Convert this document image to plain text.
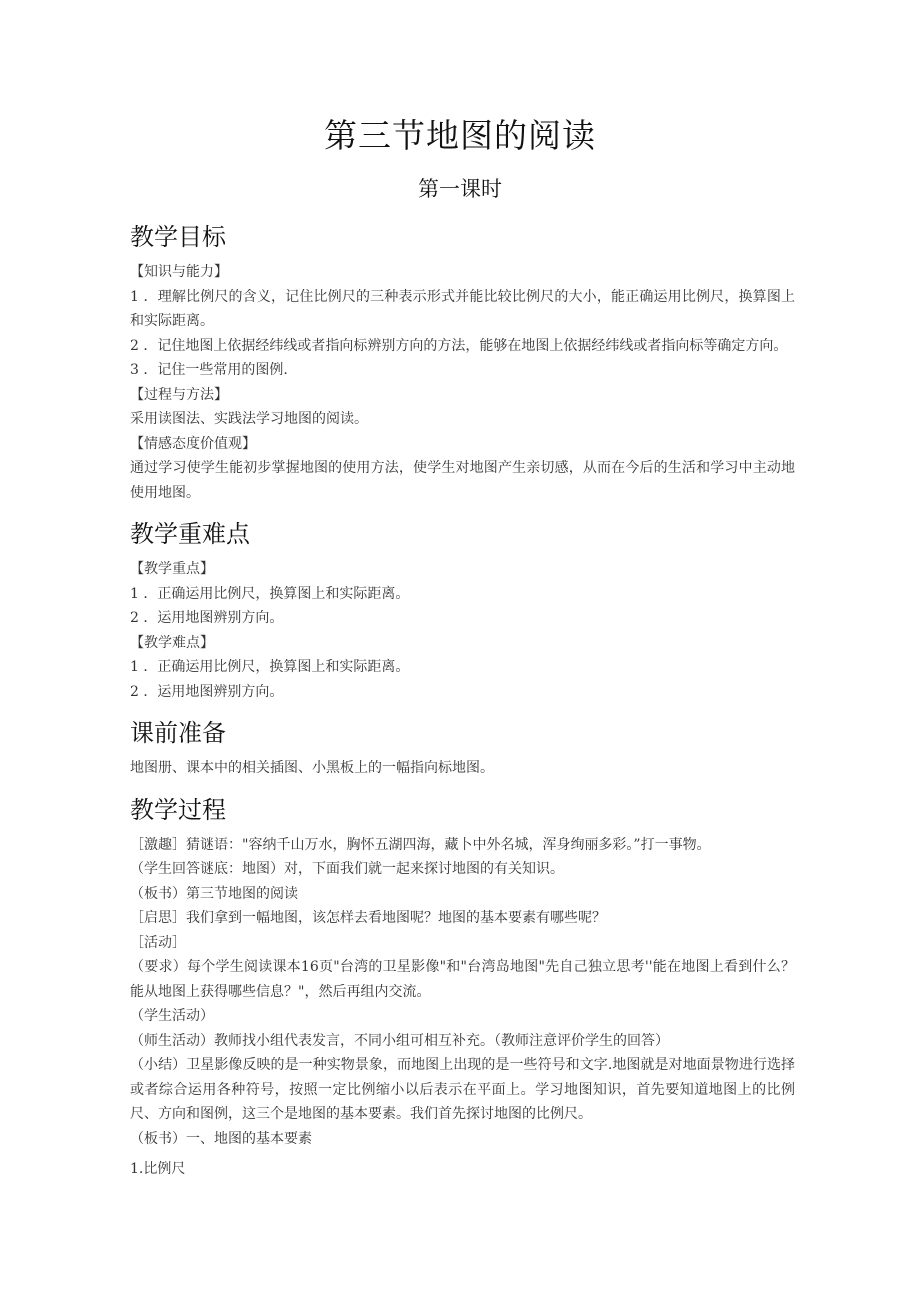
第三节地图的阅读
第一课时
教学目标

【知识与能力】

1 ．理解比例尺的含义，记住比例尺的三种表示形式并能比较比例尺的大小，能正确运用比例尺，换算图上和实际距离。

2 ．记住地图上依据经纬线或者指向标辨别方向的方法，能够在地图上依据经纬线或者指向标等确定方向。

3 ．记住一些常用的图例.

【过程与方法】

采用读图法、实践法学习地图的阅读。

【情感态度价值观】

通过学习使学生能初步掌握地图的使用方法，使学生对地图产生亲切感，从而在今后的生活和学习中主动地使用地图。

教学重难点

【教学重点】

1 ．正确运用比例尺，换算图上和实际距离。

2 ．运用地图辨别方向。

【教学难点】

1 ．正确运用比例尺，换算图上和实际距离。

2 ．运用地图辨别方向。

课前准备

地图册、课本中的相关插图、小黑板上的一幅指向标地图。

教学过程

［激趣］猜谜语："容纳千山万水，胸怀五湖四海，藏卜中外名城，浑身绚丽多彩。”打一事物。

（学生回答谜底：地图）对，下面我们就一起来探讨地图的有关知识。

（板书）第三节地图的阅读

［启思］我们拿到一幅地图，该怎样去看地图呢？地图的基本要素有哪些呢？

［活动］

（要求）每个学生阅读课本16页"台湾的卫星影像"和"台湾岛地图"先自己独立思考''能在地图上看到什么？能从地图上获得哪些信息？"，然后再组内交流。

（学生活动）

（师生活动）教师找小组代表发言，不同小组可相互补充。（教师注意评价学生的回答）

（小结）卫星影像反映的是一种实物景象，而地图上出现的是一些符号和文字.地图就是对地面景物进行选择或者综合运用各种符号，按照一定比例缩小以后表示在平面上。学习地图知识，首先要知道地图上的比例尺、方向和图例，这三个是地图的基本要素。我们首先探讨地图的比例尺。

（板书）一、地图的基本要素

1.比例尺
